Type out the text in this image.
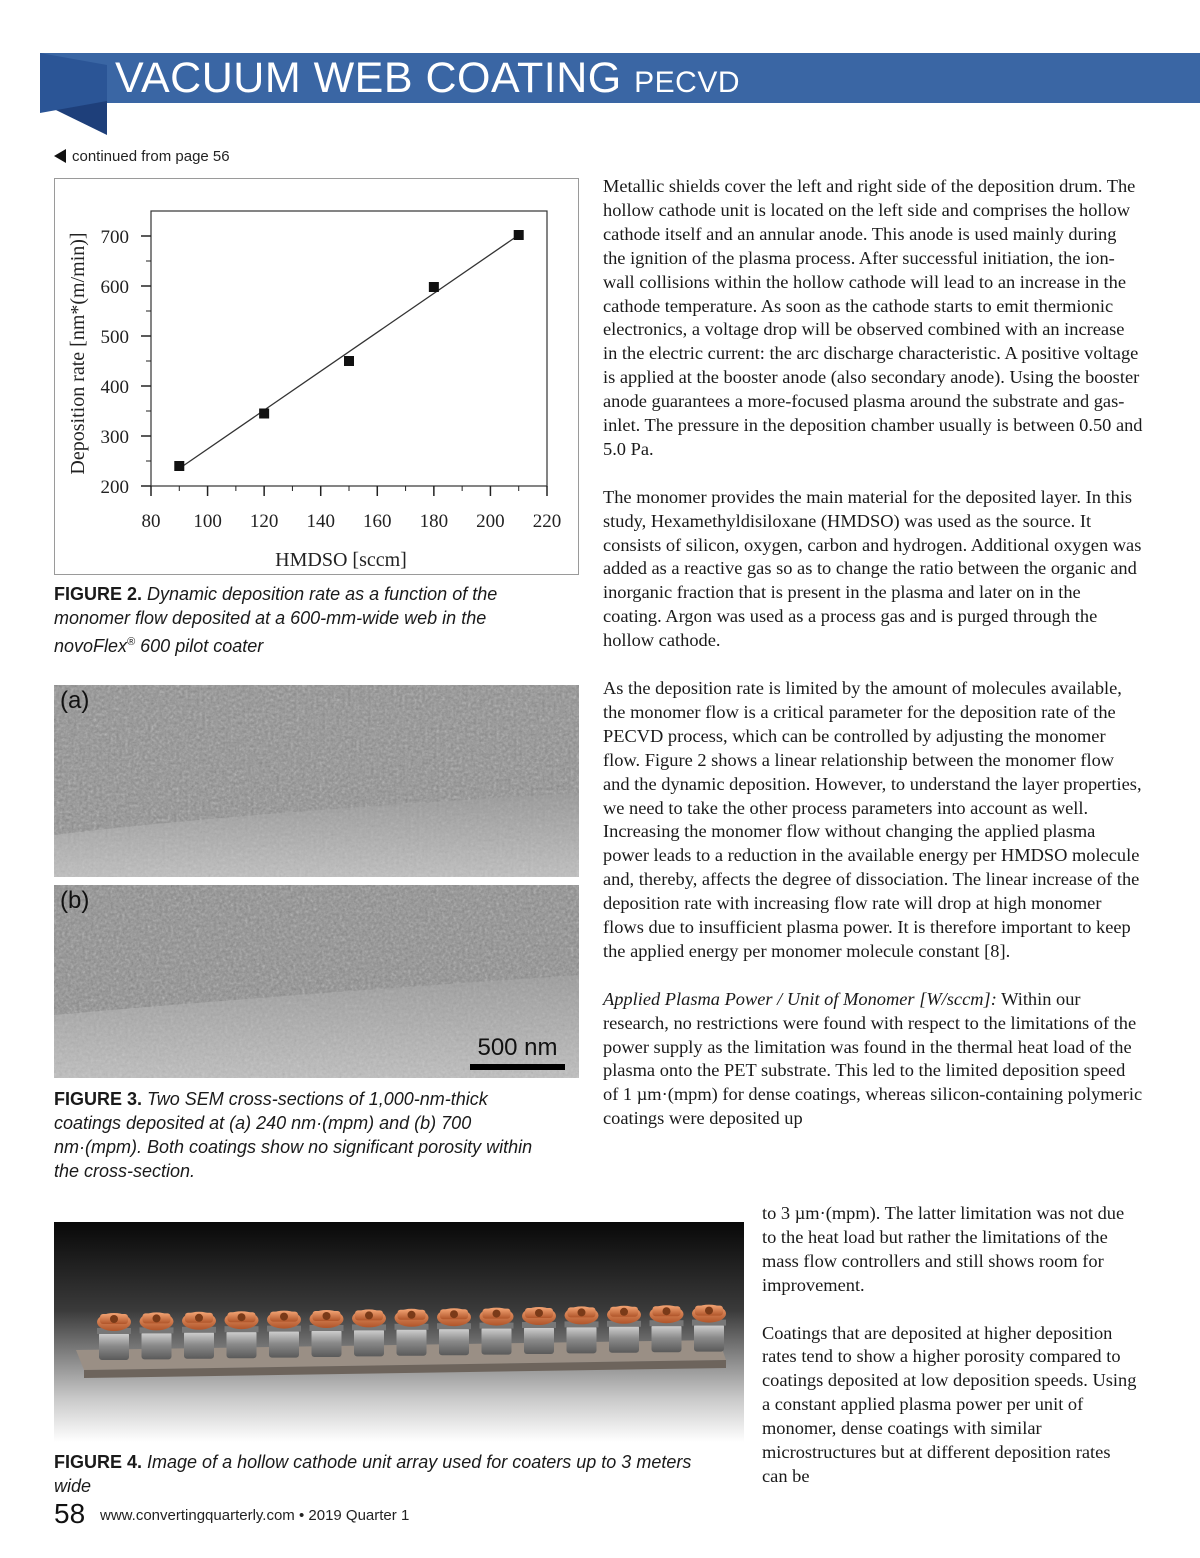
VACUUM WEB COATING PECVD
continued from page 56
80 100 120 140 160 180 200 220
200
300
400
500
600
700
HMDSO [sccm]
Deposition rate [nm*(m/min)]
FIGURE 2. Dynamic deposition rate as a function of the monomer flow deposited at a 600-mm-wide web in the novoFlex® 600 pilot coater
(a)
(b)
500 nm
FIGURE 3. Two SEM cross-sections of 1,000-nm-thick coatings deposited at (a) 240 nm·(mpm) and (b) 700 nm·(mpm). Both coatings show no significant porosity within the cross-section.
FIGURE 4. Image of a hollow cathode unit array used for coaters up to 3 meters wide

Metallic shields cover the left and right side of the deposition drum. The hollow cathode unit is located on the left side and comprises the hollow cathode itself and an annular anode. This anode is used mainly during the ignition of the plasma process. After successful initiation, the ion-wall collisions within the hollow cathode will lead to an increase in the cathode temperature. As soon as the cathode starts to emit thermionic electronics, a voltage drop will be observed combined with an increase in the electric current: the arc discharge characteristic. A positive voltage is applied at the booster anode (also secondary anode). Using the booster anode guarantees a more-focused plasma around the substrate and gas-inlet. The pressure in the deposition chamber usually is between 0.50 and 5.0 Pa.

The monomer provides the main material for the deposited layer. In this study, Hexamethyldisiloxane (HMDSO) was used as the source. It consists of silicon, oxygen, carbon and hydrogen. Additional oxygen was added as a reactive gas so as to change the ratio between the organic and inorganic fraction that is present in the plasma and later on in the coating. Argon was used as a process gas and is purged through the hollow cathode.

As the deposition rate is limited by the amount of molecules available, the monomer flow is a critical parameter for the deposition rate of the PECVD process, which can be controlled by adjusting the monomer flow. Figure 2 shows a linear relationship between the monomer flow and the dynamic deposition. However, to understand the layer properties, we need to take the other process parameters into account as well. Increasing the monomer flow without changing the applied plasma power leads to a reduction in the available energy per HMDSO molecule and, thereby, affects the degree of dissociation. The linear increase of the deposition rate with increasing flow rate will drop at high monomer flows due to insufficient plasma power. It is therefore important to keep the applied energy per monomer molecule constant [8].

Applied Plasma Power / Unit of Monomer [W/sccm]: Within our research, no restrictions were found with respect to the limitations of the power supply as the limitation was found in the thermal heat load of the plasma onto the PET substrate. This led to the limited deposition speed of 1 µm·(mpm) for dense coatings, whereas silicon-containing polymeric coatings were deposited up

to 3 µm·(mpm). The latter limitation was not due to the heat load but rather the limitations of the mass flow controllers and still shows room for improvement.

Coatings that are deposited at higher deposition rates tend to show a higher porosity compared to coatings deposited at low deposition speeds. Using a constant applied plasma power per unit of monomer, dense coatings with similar microstructures but at different deposition rates can be

58 www.convertingquarterly.com • 2019 Quarter 1
